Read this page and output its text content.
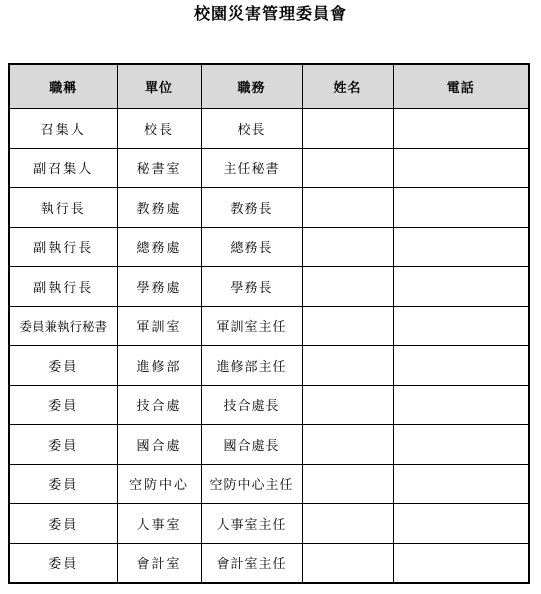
校園災害管理委員會
職稱	單位	職務	姓名	電話
召集人	校長	校長		
副召集人	秘書室	主任秘書		
執行長	教務處	教務長		
副執行長	總務處	總務長		
副執行長	學務處	學務長		
委員兼執行秘書	軍訓室	軍訓室主任		
委員	進修部	進修部主任		
委員	技合處	技合處長		
委員	國合處	國合處長		
委員	空防中心	空防中心主任		
委員	人事室	人事室主任		
委員	會計室	會計室主任		
